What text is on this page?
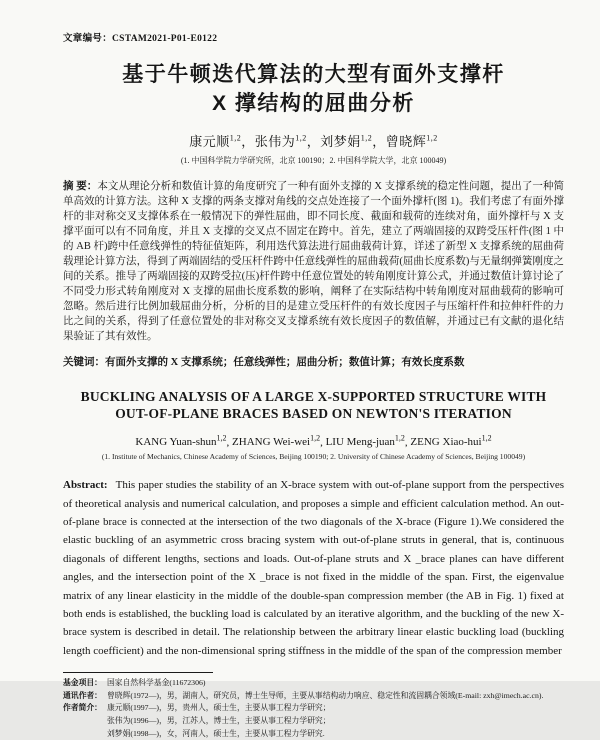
文章编号：CSTAM2021-P01-E0122
基于牛顿迭代算法的大型有面外支撑杆
X 撑结构的屈曲分析
康元顺$^{1,2}$，张伟为$^{1,2}$，刘梦娟$^{1,2}$，曾晓辉$^{1,2}$
(1. 中国科学院力学研究所，北京 100190；2. 中国科学院大学，北京 100049)

摘 要：本文从理论分析和数值计算的角度研究了一种有面外支撑的 X 支撑系统的稳定性问题，提出了一种简单高效的计算方法。这种 X 支撑的两条支撑对角线的交点处连接了一个面外撑杆(图 1)。我们考虑了有面外撑杆的非对称交叉支撑体系在一般情况下的弹性屈曲，即不同长度、截面和载荷的连续对角，面外撑杆与 X 支撑平面可以有不同角度，并且 X 支撑的交叉点不固定在跨中。首先，建立了两端固接的双跨受压杆件(图 1 中的 AB 杆)跨中任意线弹性的特征值矩阵，利用迭代算法进行屈曲载荷计算，详述了新型 X 支撑系统的屈曲荷载理论计算方法，得到了两端固结的受压杆件跨中任意线弹性的屈曲载荷(屈曲长度系数)与无量纲弹簧刚度之间的关系。推导了两端固接的双跨受拉(压)杆件跨中任意位置处的转角刚度计算公式，并通过数值计算讨论了不同受力形式转角刚度对 X 支撑的屈曲长度系数的影响，阐释了在实际结构中转角刚度对屈曲载荷的影响可忽略。然后进行比例加载屈曲分析，分析的目的是建立受压杆件的有效长度因子与压缩杆件和拉伸杆件的力比之间的关系，得到了任意位置处的非对称交叉支撑系统有效长度因子的数值解，并通过已有文献的退化结果验证了其有效性。

关键词：有面外支撑的 X 支撑系统；任意线弹性；屈曲分析；数值计算；有效长度系数

BUCKLING ANALYSIS OF A LARGE X-SUPPORTED STRUCTURE WITH
OUT-OF-PLANE BRACES BASED ON NEWTON'S ITERATION
KANG Yuan-shun$^{1,2}$, ZHANG Wei-wei$^{1,2}$, LIU Meng-juan$^{1,2}$, ZENG Xiao-hui$^{1,2}$
(1. Institute of Mechanics, Chinese Academy of Sciences, Beijing 100190; 2. University of Chinese Academy of Sciences, Beijing 100049)

Abstract: This paper studies the stability of an X-brace system with out-of-plane support from the perspectives of theoretical analysis and numerical calculation, and proposes a simple and efficient calculation method. An out-of-plane brace is connected at the intersection of the two diagonals of the X-brace (Figure 1).We considered the elastic buckling of an asymmetric cross bracing system with out-of-plane struts in general, that is, continuous diagonals of different lengths, sections and loads. Out-of-plane struts and X _brace planes can have different angles, and the intersection point of the X _brace is not fixed in the middle of the span. First, the eigenvalue matrix of any linear elasticity in the middle of the double-span compression member (the AB in Fig. 1) fixed at both ends is established, the buckling load is calculated by an iterative algorithm, and the buckling of the new X-brace system is described in detail. The relationship between the arbitrary linear elastic buckling load (buckling length coefficient) and the non-dimensional spring stiffness in the middle of the span of the compression member

基金项目： 国家自然科学基金(11672306)
通讯作者： 曾晓辉(1972—)，男，湖南人，研究员，博士生导师，主要从事结构动力响应、稳定性和流固耦合领域(E-mail: zxh@imech.ac.cn).
作者简介： 康元顺(1997—)，男，贵州人，硕士生，主要从事工程力学研究；
张伟为(1996—)，男，江苏人，博士生，主要从事工程力学研究；
刘梦娟(1998—)，女，河南人，硕士生，主要从事工程力学研究.
